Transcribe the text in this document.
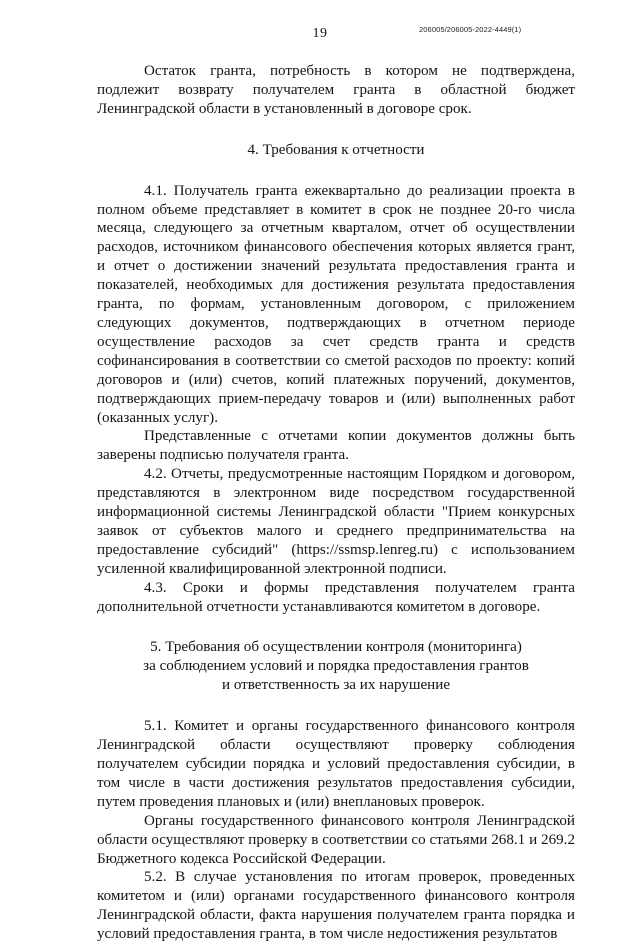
19	206005/206005-2022-4449(1)

Остаток гранта, потребность в котором не подтверждена, подлежит возврату получателем гранта в областной бюджет Ленинградской области в установленный в договоре срок.

4. Требования к отчетности

4.1. Получатель гранта ежеквартально до реализации проекта в полном объеме представляет в комитет в срок не позднее 20-го числа месяца, следующего за отчетным кварталом, отчет об осуществлении расходов, источником финансового обеспечения которых является грант, и отчет о достижении значений результата предоставления гранта и показателей, необходимых для достижения результата предоставления гранта, по формам, установленным договором, с приложением следующих документов, подтверждающих в отчетном периоде осуществление расходов за счет средств гранта и средств софинансирования в соответствии со сметой расходов по проекту: копий договоров и (или) счетов, копий платежных поручений, документов, подтверждающих прием-передачу товаров и (или) выполненных работ (оказанных услуг).

Представленные с отчетами копии документов должны быть заверены подписью получателя гранта.

4.2. Отчеты, предусмотренные настоящим Порядком и договором, представляются в электронном виде посредством государственной информационной системы Ленинградской области "Прием конкурсных заявок от субъектов малого и среднего предпринимательства на предоставление субсидий" (https://ssmsp.lenreg.ru) с использованием усиленной квалифицированной электронной подписи.

4.3. Сроки и формы представления получателем гранта дополнительной отчетности устанавливаются комитетом в договоре.

5. Требования об осуществлении контроля (мониторинга)
за соблюдением условий и порядка предоставления грантов
и ответственность за их нарушение

5.1. Комитет и органы государственного финансового контроля Ленинградской области осуществляют проверку соблюдения получателем субсидии порядка и условий предоставления субсидии, в том числе в части достижения результатов предоставления субсидии, путем проведения плановых и (или) внеплановых проверок.

Органы государственного финансового контроля Ленинградской области осуществляют проверку в соответствии со статьями 268.1 и 269.2 Бюджетного кодекса Российской Федерации.

5.2. В случае установления по итогам проверок, проведенных комитетом и (или) органами государственного финансового контроля Ленинградской области, факта нарушения получателем гранта порядка и условий предоставления гранта, в том числе недостижения результатов
